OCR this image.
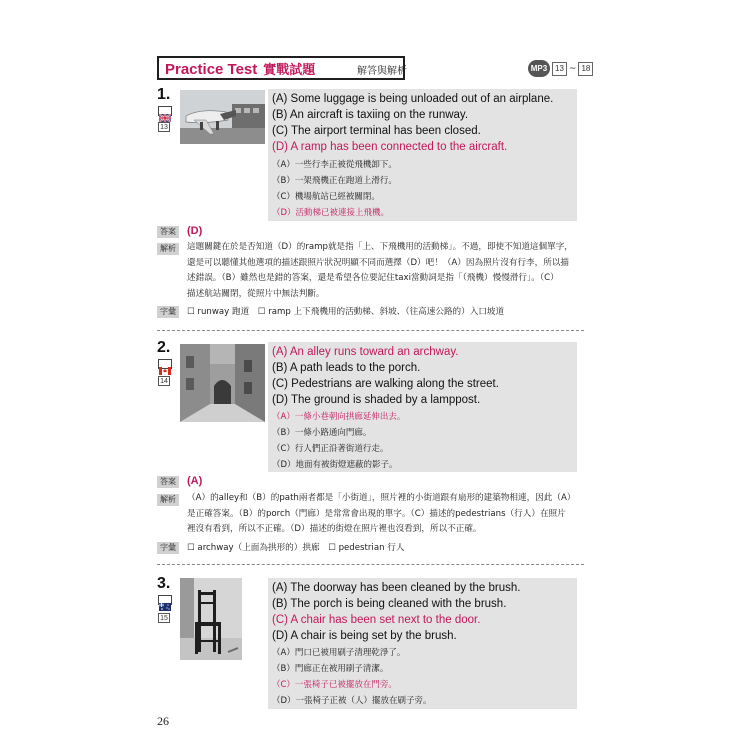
Practice Test 實戰試題	解答與解析	MP3 13 ~ 18
1.
13
(A) Some luggage is being unloaded out of an airplane.
(B) An aircraft is taxiing on the runway.
(C) The airport terminal has been closed.
(D) A ramp has been connected to the aircraft.
（A）一些行李正被從飛機卸下。
（B）一架飛機正在跑道上滑行。
（C）機場航站已經被關閉。
（D）活動梯已被連接上飛機。
答案 (D)
解析	這題關鍵在於是否知道（D）的ramp就是指「上、下飛機用的活動梯」。不過，即使不知道這個單字，
還是可以聽懂其他選項的描述跟照片狀況明顯不同而選擇（D）吧！（A）因為照片沒有行李，所以描
述錯誤。（B）雖然也是錯的答案，還是希望各位要記住taxi當動詞是指「（飛機）慢慢滑行」。（C）
描述航站關閉，從照片中無法判斷。
字彙	☐ runway 跑道　☐ ramp 上下飛機用的活動梯、斜坡、（往高速公路的）入口坡道
2.
14
(A) An alley runs toward an archway.
(B) A path leads to the porch.
(C) Pedestrians are walking along the street.
(D) The ground is shaded by a lamppost.
（A）一條小巷朝向拱廊延伸出去。
（B）一條小路通向門廊。
（C）行人們正沿著街道行走。
（D）地面有被街燈遮蔽的影子。
答案 (A)
解析	（A）的alley和（B）的path兩者都是「小街道」，照片裡的小街道跟有扇形的建築物相連，因此（A）
是正確答案。（B）的porch（門廊）是常常會出現的單字。（C）描述的pedestrians（行人）在照片
裡沒有看到，所以不正確。（D）描述的街燈在照片裡也沒看到，所以不正確。
字彙	☐ archway（上面為拱形的）拱廊　☐ pedestrian 行人
3.
15
(A) The doorway has been cleaned by the brush.
(B) The porch is being cleaned with the brush.
(C) A chair has been set next to the door.
(D) A chair is being set by the brush.
（A）門口已被用刷子清理乾淨了。
（B）門廊正在被用刷子清潔。
（C）一張椅子已被擺放在門旁。
（D）一張椅子正被（人）擺放在刷子旁。
26
